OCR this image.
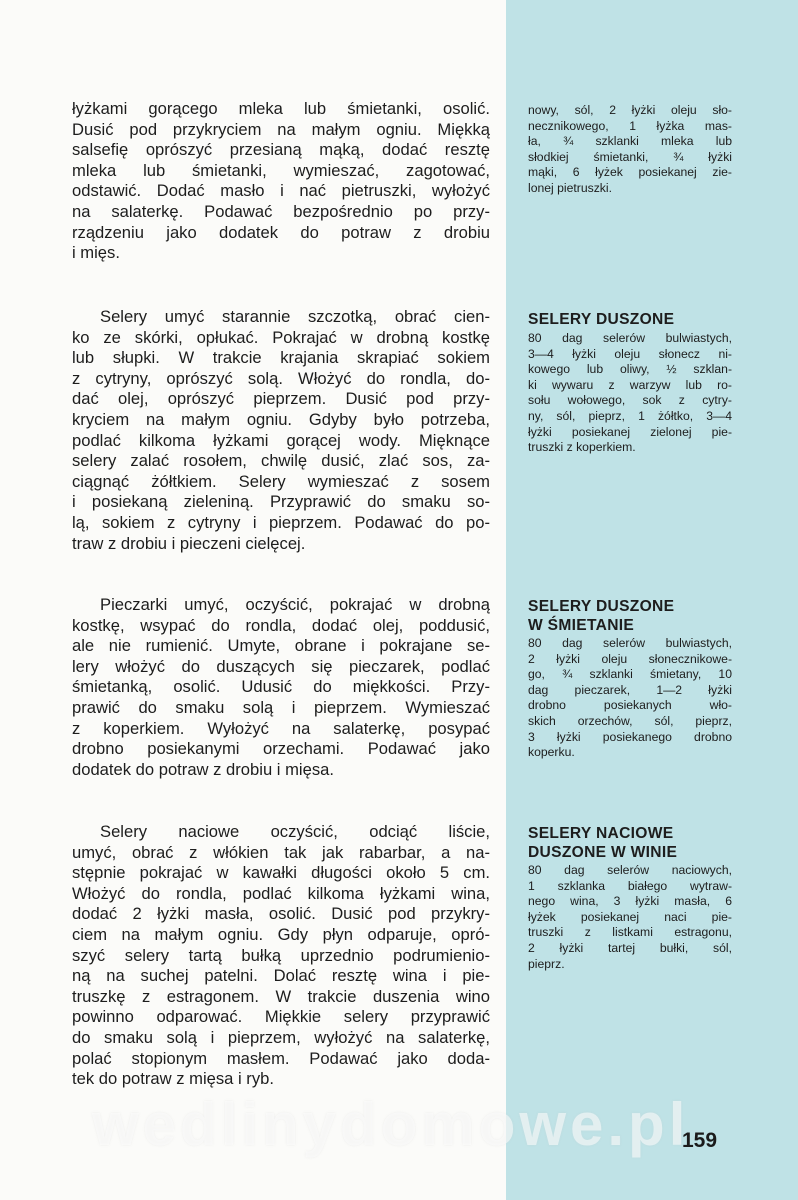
łyżkami gorącego mleka lub śmietanki, osolić.
Dusić pod przykryciem na małym ogniu. Miękką
salsefię oprószyć przesianą mąką, dodać resztę
mleka lub śmietanki, wymieszać, zagotować,
odstawić. Dodać masło i nać pietruszki, wyłożyć
na salaterkę. Podawać bezpośrednio po przy-
rządzeniu jako dodatek do potraw z drobiu
i mięs.
Selery umyć starannie szczotką, obrać cien-
ko ze skórki, opłukać. Pokrajać w drobną kostkę
lub słupki. W trakcie krajania skrapiać sokiem
z cytryny, oprószyć solą. Włożyć do rondla, do-
dać olej, oprószyć pieprzem. Dusić pod przy-
kryciem na małym ogniu. Gdyby było potrzeba,
podlać kilkoma łyżkami gorącej wody. Mięknące
selery zalać rosołem, chwilę dusić, zlać sos, za-
ciągnąć żółtkiem. Selery wymieszać z sosem
i posiekaną zieleniną. Przyprawić do smaku so-
lą, sokiem z cytryny i pieprzem. Podawać do po-
traw z drobiu i pieczeni cielęcej.
Pieczarki umyć, oczyścić, pokrajać w drobną
kostkę, wsypać do rondla, dodać olej, poddusić,
ale nie rumienić. Umyte, obrane i pokrajane se-
lery włożyć do duszących się pieczarek, podlać
śmietanką, osolić. Udusić do miękkości. Przy-
prawić do smaku solą i pieprzem. Wymieszać
z koperkiem. Wyłożyć na salaterkę, posypać
drobno posiekanymi orzechami. Podawać jako
dodatek do potraw z drobiu i mięsa.
Selery naciowe oczyścić, odciąć liście,
umyć, obrać z włókien tak jak rabarbar, a na-
stępnie pokrajać w kawałki długości około 5 cm.
Włożyć do rondla, podlać kilkoma łyżkami wina,
dodać 2 łyżki masła, osolić. Dusić pod przykry-
ciem na małym ogniu. Gdy płyn odparuje, oprό-
szyć selery tartą bułką uprzednio podrumienio-
ną na suchej patelni. Dolać resztę wina i pie-
truszkę z estragonem. W trakcie duszenia wino
powinno odparować. Miękkie selery przyprawić
do smaku solą i pieprzem, wyłożyć na salaterkę,
polać stopionym masłem. Podawać jako doda-
tek do potraw z mięsa i ryb.
nowy, sól, 2 łyżki oleju sło-
necznikowego, 1 łyżka mas-
ła, ¾ szklanki mleka lub
słodkiej śmietanki, ¾ łyżki
mąki, 6 łyżek posiekanej zie-
lonej pietruszki.
SELERY DUSZONE
80 dag selerów bulwiastych,
3—4 łyżki oleju słonecz ni-
kowego lub oliwy, ½ szklan-
ki wywaru z warzyw lub ro-
sołu wołowego, sok z cytry-
ny, sól, pieprz, 1 żółtko, 3—4
łyżki posiekanej zielonej pie-
truszki z koperkiem.
SELERY DUSZONE
W ŚMIETANIE
80 dag selerów bulwiastych,
2 łyżki oleju słonecznikowe-
go, ¾ szklanki śmietany, 10
dag pieczarek, 1—2 łyżki
drobno posiekanych wło-
skich orzechów, sól, pieprz,
3 łyżki posiekanego drobno
koperku.
SELERY NACIOWE
DUSZONE W WINIE
80 dag selerów naciowych,
1 szklanka białego wytraw-
nego wina, 3 łyżki masła, 6
łyżek posiekanej naci pie-
truszki z listkami estragonu,
2 łyżki tartej bułki, sól,
pieprz.
wedlinydomowe.pl
159
